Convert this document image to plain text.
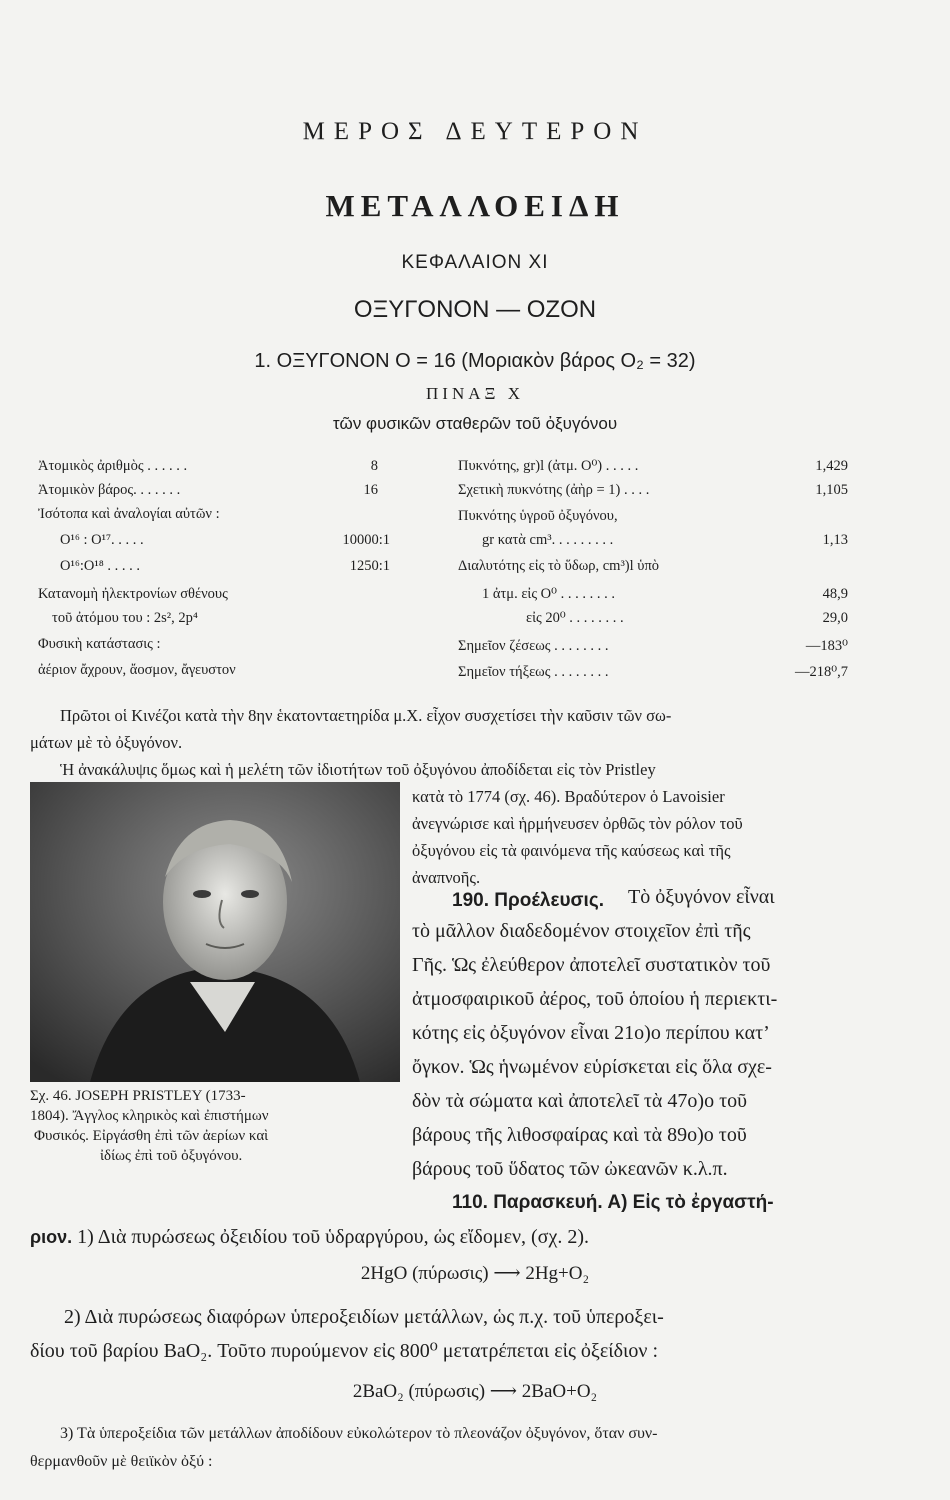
ΜΕΡΟΣ ΔΕΥΤΕΡΟΝ
ΜΕΤΑΛΛΟΕΙΔΗ
ΚΕΦΑΛΑΙΟΝ XI
ΟΞΥΓΟΝΟΝ — ΟΖΟΝ
1. ΟΞΥΓΟΝΟΝ Ο = 16 (Μοριακὸν βάρος Ο₂ = 32)
ΠΙΝΑΞ Χ
τῶν φυσικῶν σταθερῶν τοῦ ὀξυγόνου
Ἀτομικὸς ἀριθμὸς . . . . . .	8
Ἀτομικὸν βάρος. . . . . . .	16
Ἰσότοπα καὶ ἀναλογίαι αὐτῶν :
O¹⁶ : O¹⁷. . . . .	10000:1
O¹⁶:O¹⁸ . . . . .	1250:1
Κατανομὴ ἠλεκτρονίων σθένους
τοῦ ἀτόμου του : 2s², 2p⁴
Φυσικὴ κατάστασις :
ἀέριον ἄχρουν, ἄοσμον, ἄγευστον
Πυκνότης, gr)l (ἀτμ. O⁰) . . . . .	1,429
Σχετικὴ πυκνότης (ἀὴρ = 1) . . . .	1,105
Πυκνότης ὑγροῦ ὀξυγόνου,
gr κατὰ cm³. . . . . . . . .	1,13
Διαλυτότης εἰς τὸ ὕδωρ, cm³)l ὑπὸ
1 ἀτμ. εἰς O⁰ . . . . . . . .	48,9
εἰς 20⁰ . . . . . . . .	29,0
Σημεῖον ζέσεως . . . . . . . .	—183⁰
Σημεῖον τήξεως . . . . . . . .	—218⁰,7
Πρῶτοι οἱ Κινέζοι κατὰ τὴν 8ην ἑκατονταετηρίδα μ.Χ. εἶχον συσχετίσει τὴν καῦσιν τῶν σω-
μάτων μὲ τὸ ὀξυγόνον.
Ἡ ἀνακάλυψις ὅμως καὶ ἡ μελέτη τῶν ἰδιοτήτων τοῦ ὀξυγόνου ἀποδίδεται εἰς τὸν Pristley
κατὰ τὸ 1774 (σχ. 46). Βραδύτερον ὁ Lavoisier
ἀνεγνώρισε καὶ ἡρμήνευσεν ὀρθῶς τὸν ρόλον τοῦ
ὀξυγόνου εἰς τὰ φαινόμενα τῆς καύσεως καὶ τῆς
ἀναπνοῆς.
Σχ. 46. JOSEPH PRISTLEY (1733-
1804). Ἄγγλος κληρικὸς καὶ ἐπιστήμων
Φυσικός. Εἰργάσθη ἐπὶ τῶν ἀερίων καὶ
ἰδίως ἐπὶ τοῦ ὀξυγόνου.
190. Προέλευσις. Τὸ ὀξυγόνον εἶναι
τὸ μᾶλλον διαδεδομένον στοιχεῖον ἐπὶ τῆς
Γῆς. Ὡς ἐλεύθερον ἀποτελεῖ συστατικὸν τοῦ
ἀτμοσφαιρικοῦ ἀέρος, τοῦ ὁποίου ἡ περιεκτι-
κότης εἰς ὀξυγόνον εἶναι 21ο)ο περίπου κατ’
ὄγκον. Ὡς ἡνωμένον εὑρίσκεται εἰς ὅλα σχε-
δὸν τὰ σώματα καὶ ἀποτελεῖ τὰ 47ο)ο τοῦ
βάρους τῆς λιθοσφαίρας καὶ τὰ 89ο)ο τοῦ
βάρους τοῦ ὕδατος τῶν ὠκεανῶν κ.λ.π.
110. Παρασκευή. Α) Εἰς τὸ ἐργαστή-
ριον. 1) Διὰ πυρώσεως ὀξειδίου τοῦ ὑδραργύρου, ὡς εἴδομεν, (σχ. 2).
2HgO (πύρωσις) ⟶ 2Hg+O₂
2) Διὰ πυρώσεως διαφόρων ὑπεροξειδίων μετάλλων, ὡς π.χ. τοῦ ὑπεροξει-
δίου τοῦ βαρίου BaO₂. Τοῦτο πυρούμενον εἰς 800⁰ μετατρέπεται εἰς ὀξείδιον :
2BaO₂ (πύρωσις) ⟶ 2BaO+O₂
3) Τὰ ὑπεροξείδια τῶν μετάλλων ἀποδίδουν εὐκολώτερον τὸ πλεονάζον ὀξυγόνον, ὅταν συν-
θερμανθοῦν μὲ θειϊκὸν ὀξύ :
